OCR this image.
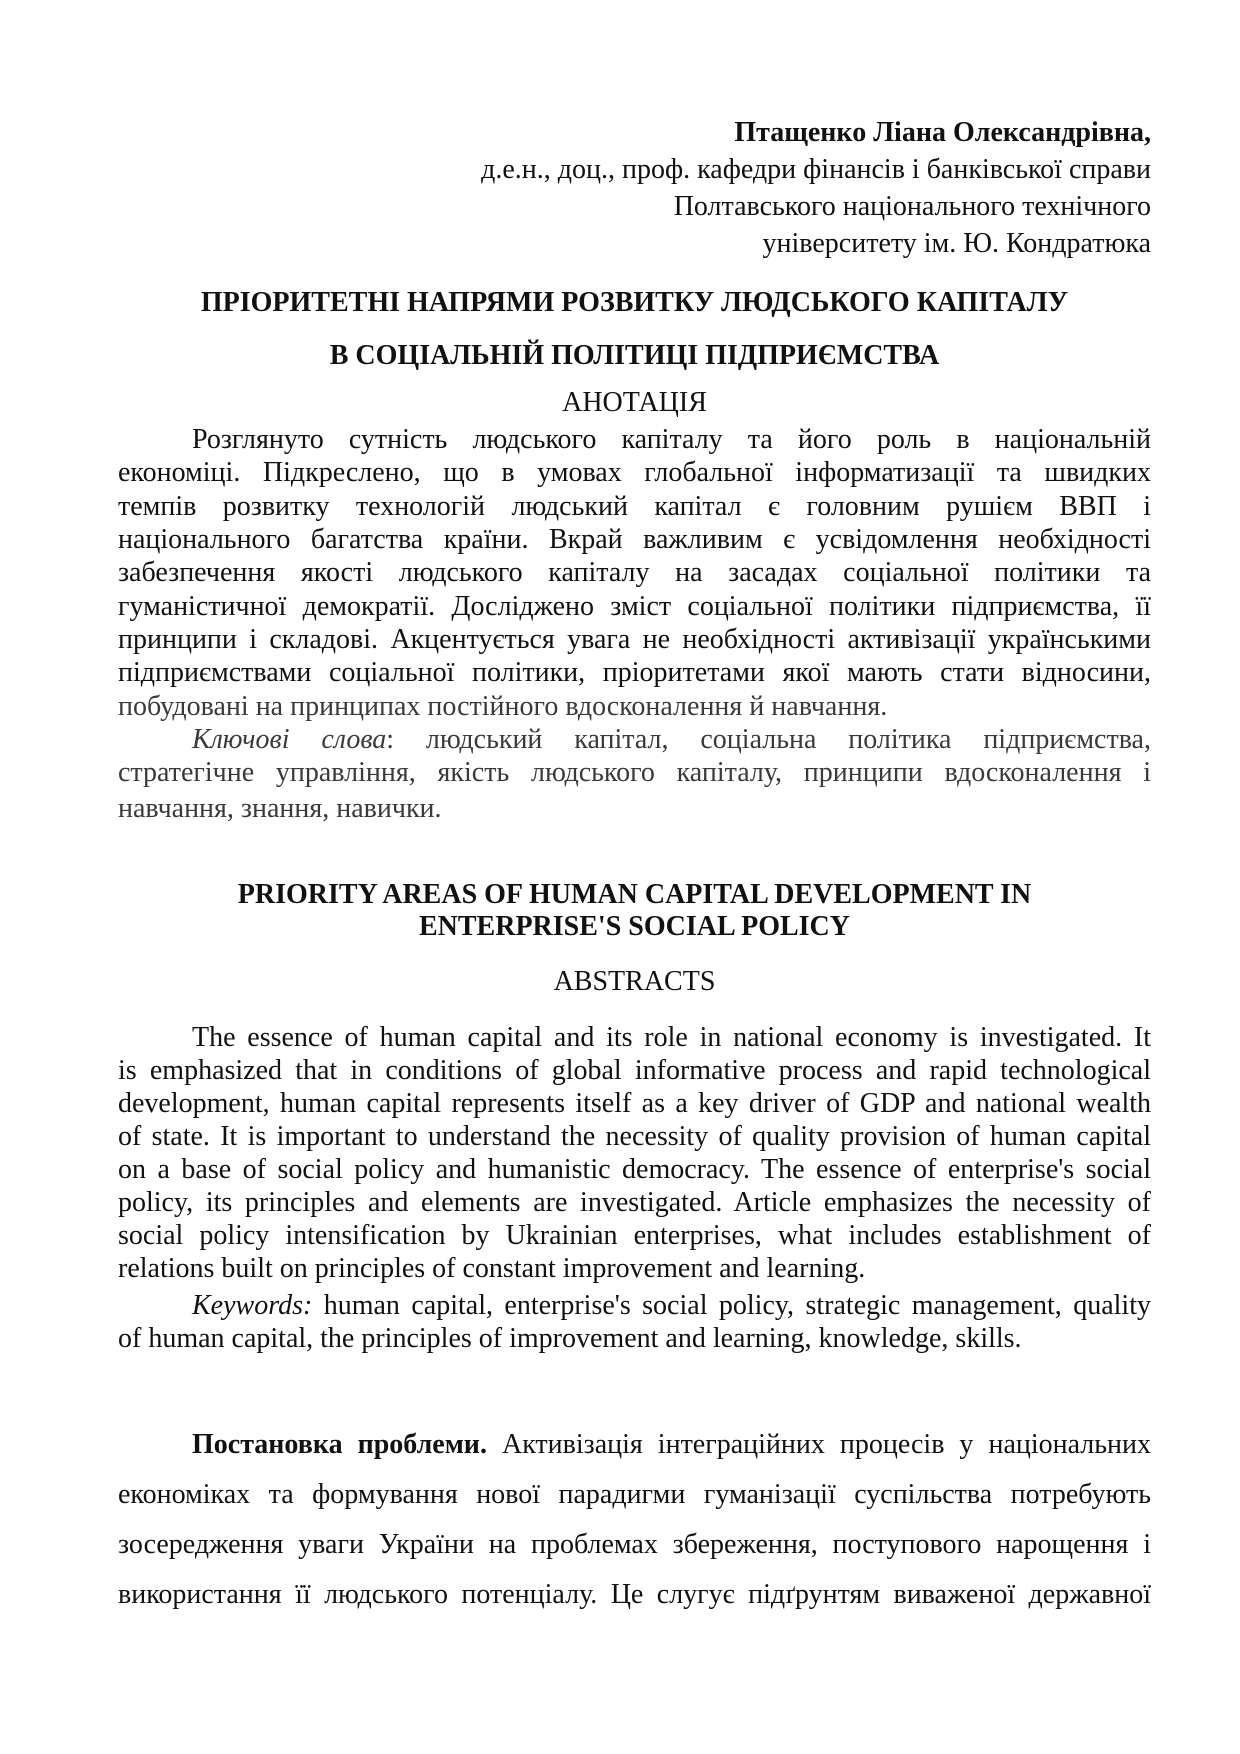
Птащенко Ліана Олександрівна,
д.е.н., доц., проф. кафедри фінансів і банківської справи
Полтавського національного технічного
університету ім. Ю. Кондратюка
ПРІОРИТЕТНІ НАПРЯМИ РОЗВИТКУ ЛЮДСЬКОГО КАПІТАЛУ
В СОЦІАЛЬНІЙ ПОЛІТИЦІ ПІДПРИЄМСТВА
АНОТАЦІЯ
Розглянуто сутність людського капіталу та його роль в національній
економіці. Підкреслено, що в умовах глобальної інформатизації та швидких
темпів розвитку технологій людський капітал є головним рушієм ВВП і
національного багатства країни. Вкрай важливим є усвідомлення необхідності
забезпечення якості людського капіталу на засадах соціальної політики та
гуманістичної демократії. Досліджено зміст соціальної політики підприємства, її
принципи і складові. Акцентується увага не необхідності активізації українськими
підприємствами соціальної політики, пріоритетами якої мають стати відносини,
побудовані на принципах постійного вдосконалення й навчання.
Ключові слова: людський капітал, соціальна політика підприємства,
стратегічне управління, якість людського капіталу, принципи вдосконалення і
навчання, знання, навички.
PRIORITY AREAS OF HUMAN CAPITAL DEVELOPMENT IN
ENTERPRISE'S SOCIAL POLICY
ABSTRACTS
The essence of human capital and its role in national economy is investigated. It
is emphasized that in conditions of global informative process and rapid technological
development, human capital represents itself as a key driver of GDP and national wealth
of state. It is important to understand the necessity of quality provision of human capital
on a base of social policy and humanistic democracy. The essence of enterprise's social
policy, its principles and elements are investigated. Article emphasizes the necessity of
social policy intensification by Ukrainian enterprises, what includes establishment of
relations built on principles of constant improvement and learning.
Keywords: human capital, enterprise's social policy, strategic management, quality
of human capital, the principles of improvement and learning, knowledge, skills.
Постановка проблеми. Активізація інтеграційних процесів у національних
економіках та формування нової парадигми гуманізації суспільства потребують
зосередження уваги України на проблемах збереження, поступового нарощення і
використання її людського потенціалу. Це слугує підґрунтям виваженої державної
